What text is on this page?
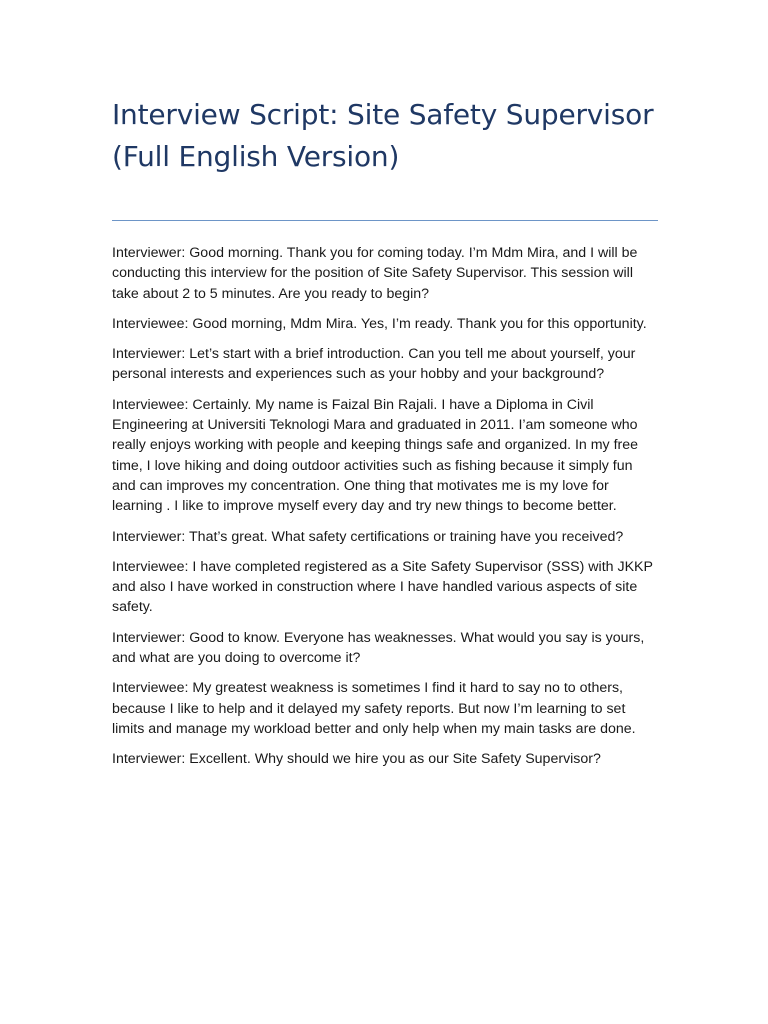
Interview Script: Site Safety Supervisor
(Full English Version)

Interviewer: Good morning. Thank you for coming today. I’m Mdm Mira, and I will be conducting this interview for the position of Site Safety Supervisor. This session will take about 2 to 5 minutes. Are you ready to begin?

Interviewee: Good morning, Mdm Mira. Yes, I’m ready. Thank you for this opportunity.

Interviewer: Let’s start with a brief introduction. Can you tell me about yourself, your personal interests and experiences such as your hobby and your background?

Interviewee: Certainly. My name is Faizal Bin Rajali. I have a Diploma in Civil Engineering at Universiti Teknologi Mara and graduated in 2011. I’am someone who really enjoys working with people and keeping things safe and organized. In my free time, I love hiking and doing outdoor activities such as fishing because it simply fun and can improves my concentration. One thing that motivates me is my love for learning . I like to improve myself every day and try new things to become better.

Interviewer: That’s great. What safety certifications or training have you received?

Interviewee: I have completed registered as a Site Safety Supervisor (SSS) with JKKP  and also I have worked in construction where I have handled various aspects of site safety.

Interviewer: Good to know. Everyone has weaknesses. What would you say is yours, and what are you doing to overcome it?

Interviewee: My greatest weakness is sometimes I find it hard to say no to others, because I like to help and it delayed my safety reports. But now I’m learning to set limits and manage my workload better and only help when my main tasks are done.

Interviewer: Excellent. Why should we hire you as our Site Safety Supervisor?
